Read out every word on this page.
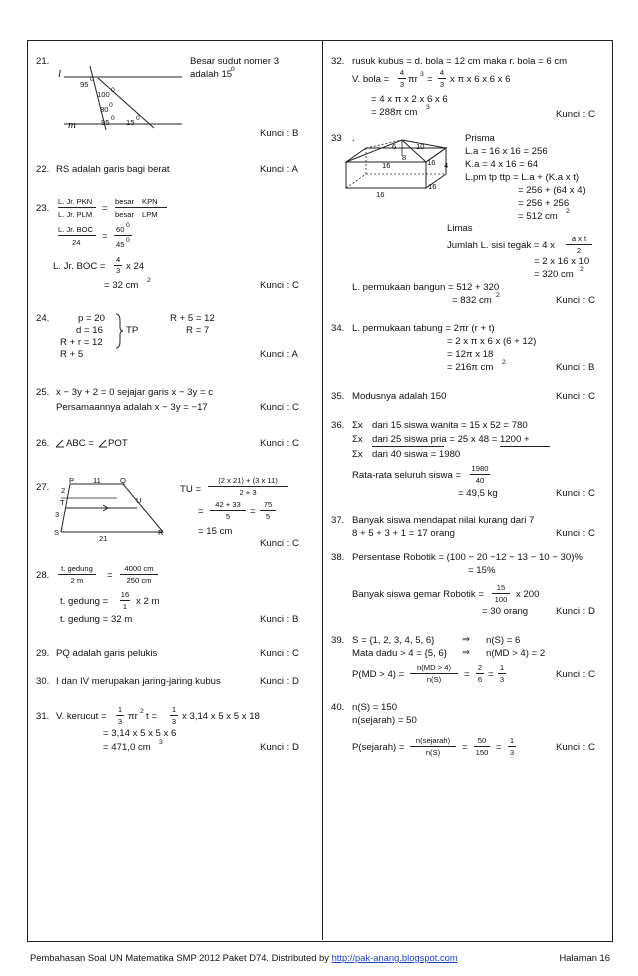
21.
l
95
0
100 0
80 0
m	95 0 15 0
Besar sudut nomer 3
adalah 15
0
Kunci : B
22. RS adalah garis bagi berat	Kunci : A
23.
L. Jr. PKN
L. Jr. PLM
=
besar KPN
besar LPM
L. Jr. BOC
24
=
60 0
45 0
L. Jr. BOC =
4
3 x 24
= 32 cm 2	Kunci : C
24.	p = 20
d = 16
R + r = 12
R + 5
TP
R + 5 = 12
R = 7
Kunci : A
25. x − 3y + 2 = 0 sejajar garis x − 3y = c
Persamaannya adalah x − 3y = −17	Kunci : C
26. ABC = POT	Kunci : C
27.
P 11	Q
2
T	U
3
S
21
R
TU =
(2 x 21) + (3 x 11)
2 + 3
=
42 + 33
5 =
75
5
= 15 cm
Kunci : C
28.
t. gedung
2 m =
4000 cm
250 cm
t. gedung =
16
1 x 2 m
t. gedung = 32 m	Kunci : B
29. PQ adalah garis pelukis	Kunci : C
30. I dan IV merupakan jaring-jaring kubus	Kunci : D
31. V. kerucut =
1
3 πr 2 t =
1
3 x 3,14 x 5 x 5 x 18
= 3,14 x 5 x 5 x 6
= 471,0 cm 3	Kunci : D
32. rusuk kubus = d. bola = 12 cm maka r. bola = 6 cm
V. bola =
4
3 πr 3 =
4
3 x π x 6 x 6 x 6
= 4 x π x 2 x 6 x 6
= 288π cm 3
Kunci : C
33 .
6	10
8
16	16 4
16
16
Prisma
L.a = 16 x 16 = 256
K.a = 4 x 16 = 64
L.pm tp ttp = L.a + (K.a x t)
= 256 + (64 x 4)
= 256 + 256
= 512 cm 2
Limas
Jumlah L. sisi tegak = 4 x
a x t
2
= 2 x 16 x 10
= 320 cm 2
L. permukaan bangun = 512 + 320
= 832 cm 2	Kunci : C
34. L. permukaan tabung = 2πr (r + t)
= 2 x π x 6 x (6 + 12)
= 12π x 18
= 216π cm 2	Kunci : B
35. Modusnya adalah 150	Kunci : C
36. Σx dari 15 siswa wanita = 15 x 52 = 780
Σx dari 25 siswa pria = 25 x 48 = 1200 +
Σx dari 40 siswa = 1980
Rata-rata seluruh siswa =
1980
40
= 49,5 kg	Kunci : C
37. Banyak siswa mendapat nilai kurang dari 7
8 + 5 + 3 + 1 = 17 orang	Kunci : C
38. Persentase Robotik = (100 − 20 −12 − 13 − 10 − 30)%
= 15%
Banyak siswa gemar Robotik =
15
100 x 200
= 30 orang	Kunci : D
39. S = {1, 2, 3, 4, 5, 6}	⇒ n(S) = 6
Mata dadu > 4 = {5, 6} ⇒ n(MD > 4) = 2
P(MD > 4) =
n(MD > 4)
n(S) =
2
6 =
1
3	Kunci : C
40. n(S) = 150
n(sejarah) = 50
P(sejarah) =
n(sejarah)
n(S) =
50
150 =
1
3	Kunci : C
Pembahasan Soal UN Matematika SMP 2012 Paket D74. Distributed by http://pak-anang.blogspot.com	Halaman 16
